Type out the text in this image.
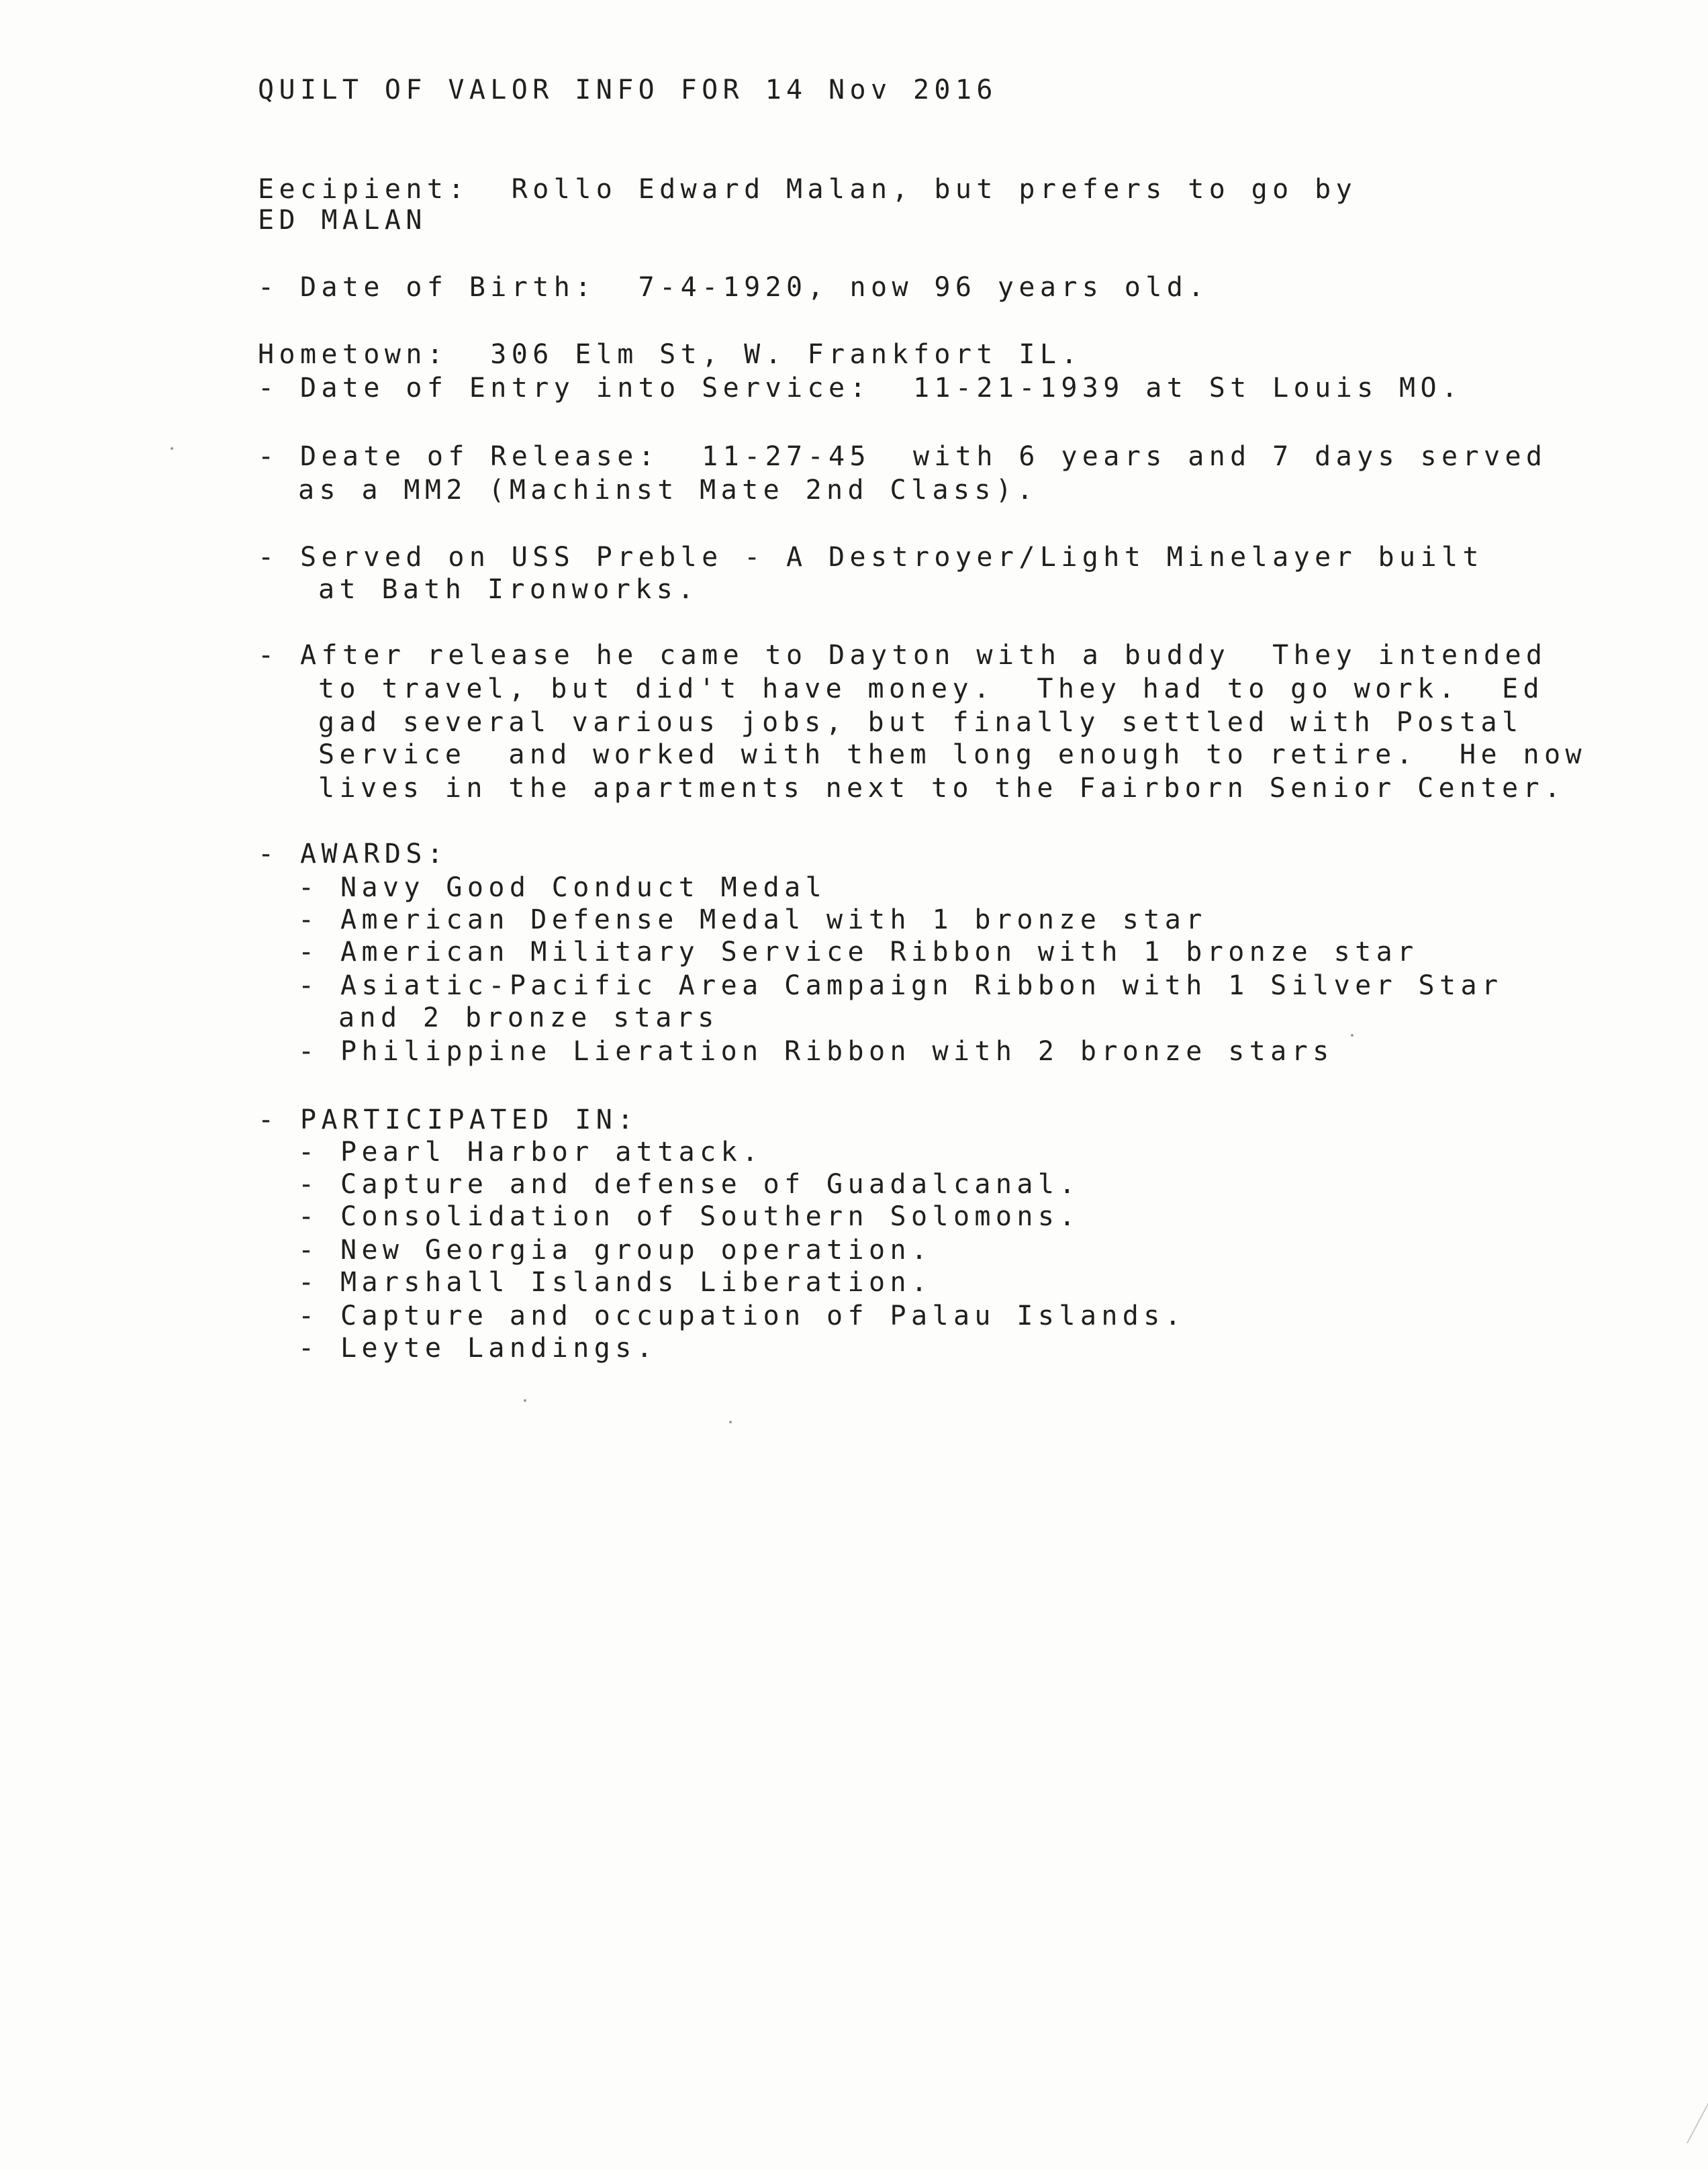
QUILT OF VALOR INFO FOR 14 Nov 2016
Eecipient:  Rollo Edward Malan, but prefers to go by
ED MALAN
- Date of Birth:  7-4-1920, now 96 years old.
Hometown:  306 Elm St, W. Frankfort IL.
- Date of Entry into Service:  11-21-1939 at St Louis MO.
- Deate of Release:  11-27-45  with 6 years and 7 days served
as a MM2 (Machinst Mate 2nd Class).
- Served on USS Preble - A Destroyer/Light Minelayer built
at Bath Ironworks.
- After release he came to Dayton with a buddy  They intended
to travel, but did't have money.  They had to go work.  Ed
gad several various jobs, but finally settled with Postal
Service  and worked with them long enough to retire.  He now
lives in the apartments next to the Fairborn Senior Center.
- AWARDS:
- Navy Good Conduct Medal
- American Defense Medal with 1 bronze star
- American Military Service Ribbon with 1 bronze star
- Asiatic-Pacific Area Campaign Ribbon with 1 Silver Star
and 2 bronze stars
- Philippine Lieration Ribbon with 2 bronze stars
- PARTICIPATED IN:
- Pearl Harbor attack.
- Capture and defense of Guadalcanal.
- Consolidation of Southern Solomons.
- New Georgia group operation.
- Marshall Islands Liberation.
- Capture and occupation of Palau Islands.
- Leyte Landings.
